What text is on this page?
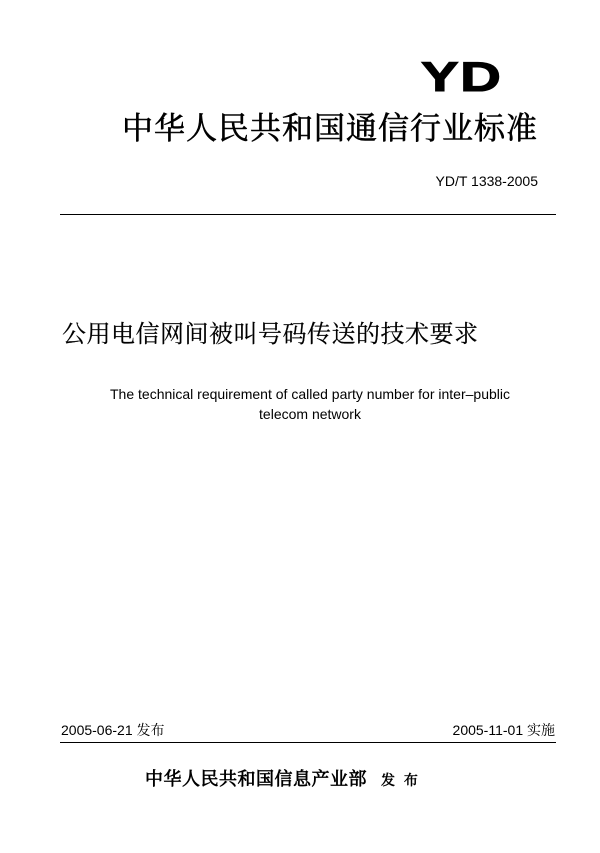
YD
中华人民共和国通信行业标准
YD/T 1338-2005
公用电信网间被叫号码传送的技术要求
The technical requirement of called party number for inter–public
telecom network
2005-06-21 发布	2005-11-01 实施
中华人民共和国信息产业部 发 布
